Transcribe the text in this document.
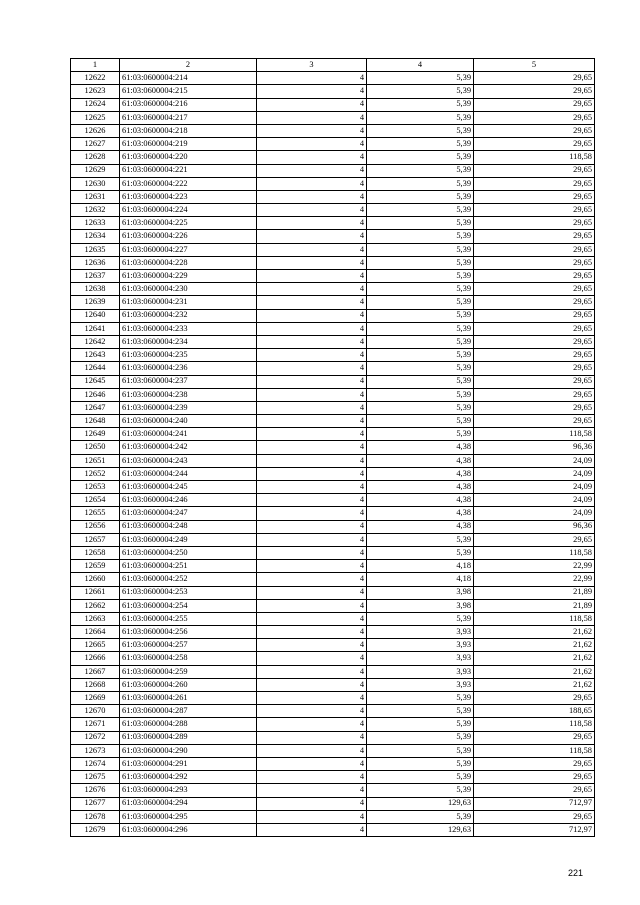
1	2	3	4	5
12622	61:03:0600004:214	4	5,39	29,65
12623	61:03:0600004:215	4	5,39	29,65
12624	61:03:0600004:216	4	5,39	29,65
12625	61:03:0600004:217	4	5,39	29,65
12626	61:03:0600004:218	4	5,39	29,65
12627	61:03:0600004:219	4	5,39	29,65
12628	61:03:0600004:220	4	5,39	118,58
12629	61:03:0600004:221	4	5,39	29,65
12630	61:03:0600004:222	4	5,39	29,65
12631	61:03:0600004:223	4	5,39	29,65
12632	61:03:0600004:224	4	5,39	29,65
12633	61:03:0600004:225	4	5,39	29,65
12634	61:03:0600004:226	4	5,39	29,65
12635	61:03:0600004:227	4	5,39	29,65
12636	61:03:0600004:228	4	5,39	29,65
12637	61:03:0600004:229	4	5,39	29,65
12638	61:03:0600004:230	4	5,39	29,65
12639	61:03:0600004:231	4	5,39	29,65
12640	61:03:0600004:232	4	5,39	29,65
12641	61:03:0600004:233	4	5,39	29,65
12642	61:03:0600004:234	4	5,39	29,65
12643	61:03:0600004:235	4	5,39	29,65
12644	61:03:0600004:236	4	5,39	29,65
12645	61:03:0600004:237	4	5,39	29,65
12646	61:03:0600004:238	4	5,39	29,65
12647	61:03:0600004:239	4	5,39	29,65
12648	61:03:0600004:240	4	5,39	29,65
12649	61:03:0600004:241	4	5,39	118,58
12650	61:03:0600004:242	4	4,38	96,36
12651	61:03:0600004:243	4	4,38	24,09
12652	61:03:0600004:244	4	4,38	24,09
12653	61:03:0600004:245	4	4,38	24,09
12654	61:03:0600004:246	4	4,38	24,09
12655	61:03:0600004:247	4	4,38	24,09
12656	61:03:0600004:248	4	4,38	96,36
12657	61:03:0600004:249	4	5,39	29,65
12658	61:03:0600004:250	4	5,39	118,58
12659	61:03:0600004:251	4	4,18	22,99
12660	61:03:0600004:252	4	4,18	22,99
12661	61:03:0600004:253	4	3,98	21,89
12662	61:03:0600004:254	4	3,98	21,89
12663	61:03:0600004:255	4	5,39	118,58
12664	61:03:0600004:256	4	3,93	21,62
12665	61:03:0600004:257	4	3,93	21,62
12666	61:03:0600004:258	4	3,93	21,62
12667	61:03:0600004:259	4	3,93	21,62
12668	61:03:0600004:260	4	3,93	21,62
12669	61:03:0600004:261	4	5,39	29,65
12670	61:03:0600004:287	4	5,39	188,65
12671	61:03:0600004:288	4	5,39	118,58
12672	61:03:0600004:289	4	5,39	29,65
12673	61:03:0600004:290	4	5,39	118,58
12674	61:03:0600004:291	4	5,39	29,65
12675	61:03:0600004:292	4	5,39	29,65
12676	61:03:0600004:293	4	5,39	29,65
12677	61:03:0600004:294	4	129,63	712,97
12678	61:03:0600004:295	4	5,39	29,65
12679	61:03:0600004:296	4	129,63	712,97
221
